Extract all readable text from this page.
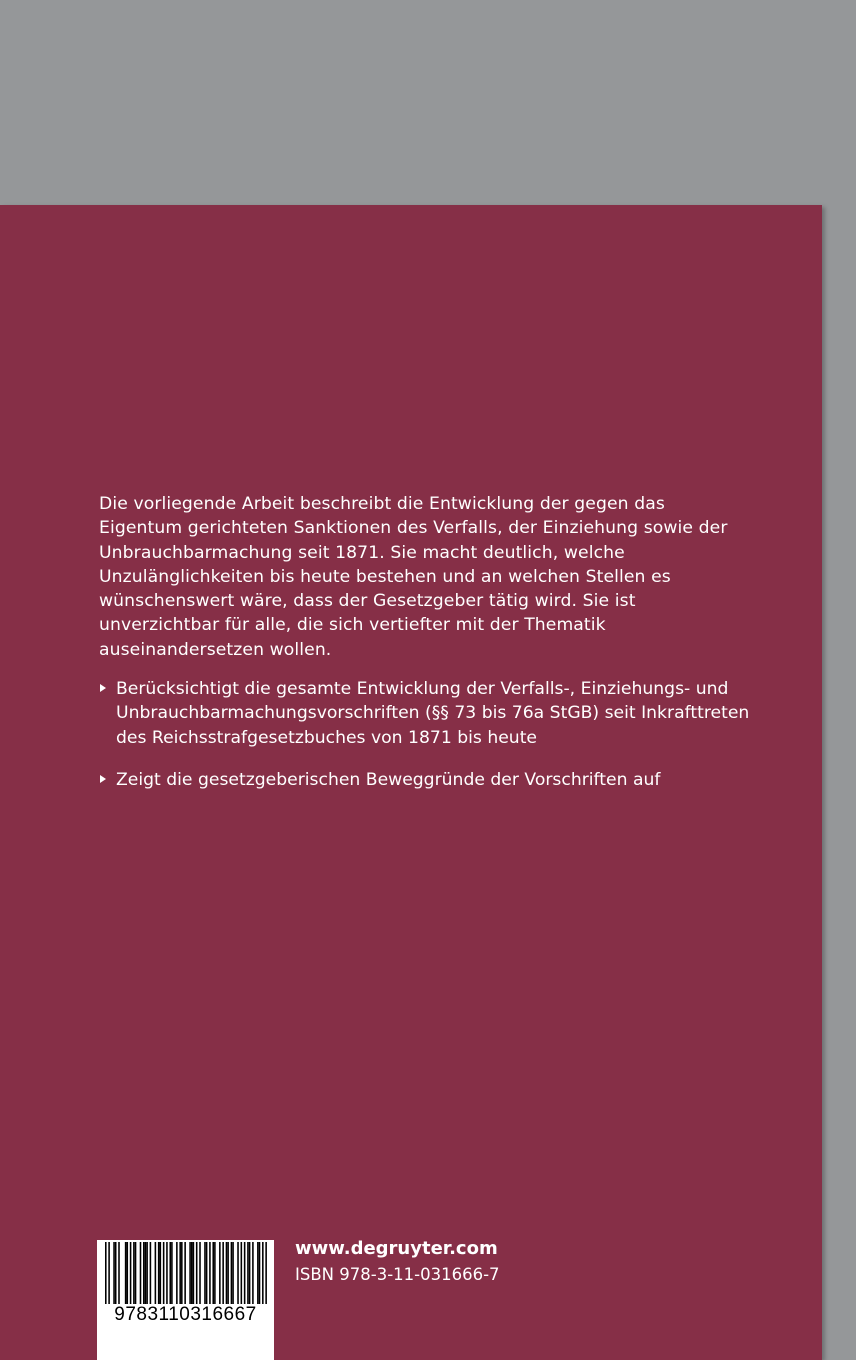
Die vorliegende Arbeit beschreibt die Entwicklung der gegen das Eigentum gerichteten Sanktionen des Verfalls, der Einziehung sowie der Unbrauchbarmachung seit 1871. Sie macht deutlich, welche Unzulänglichkeiten bis heute bestehen und an welchen Stellen es wünschenswert wäre, dass der Gesetzgeber tätig wird. Sie ist unverzichtbar für alle, die sich vertiefter mit der Thematik auseinandersetzen wollen.

Berücksichtigt die gesamte Entwicklung der Verfalls-, Einziehungs- und Unbrauchbarmachungsvorschriften (§§ 73 bis 76a StGB) seit Inkrafttreten des Reichsstrafgesetzbuches von 1871 bis heute
Zeigt die gesetzgeberischen Beweggründe der Vorschriften auf
9783110316667
www.degruyter.com
ISBN 978-3-11-031666-7
